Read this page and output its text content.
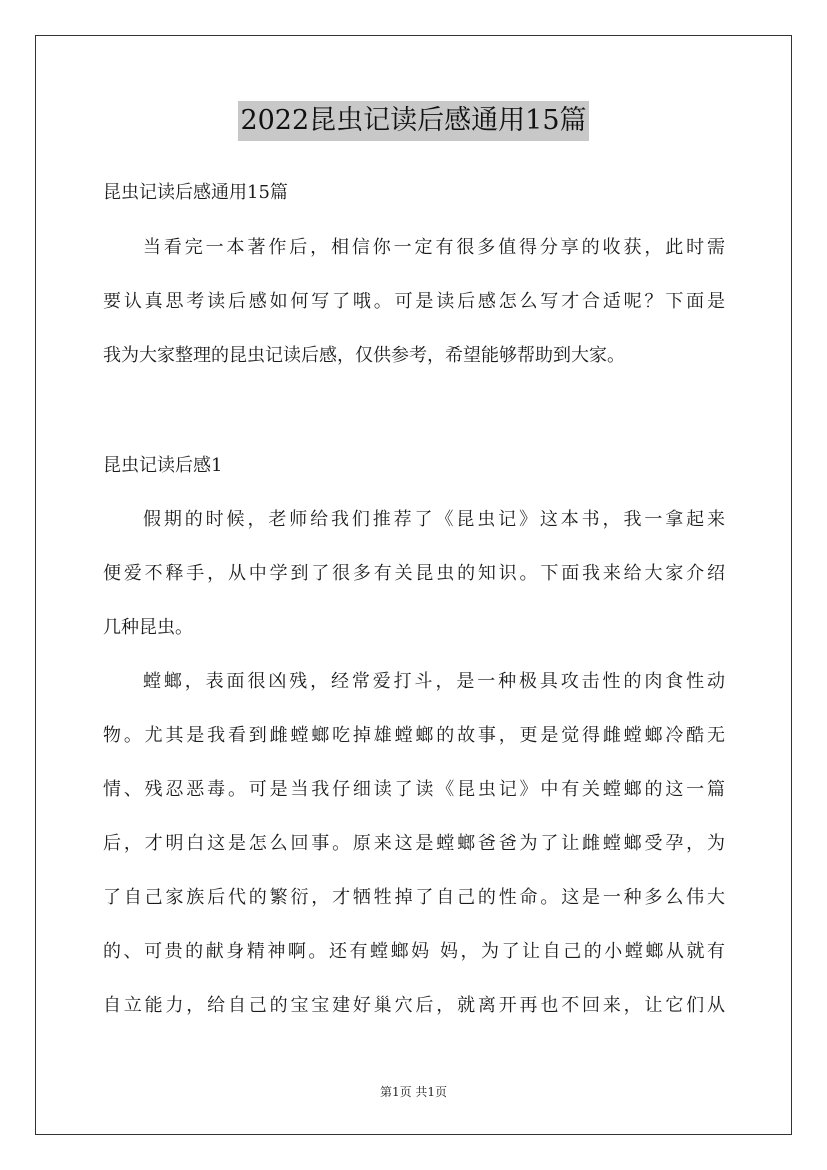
2022昆虫记读后感通用15篇
昆虫记读后感通用15篇
当看完一本著作后，相信你一定有很多值得分享的收获，此时需
要认真思考读后感如何写了哦。可是读后感怎么写才合适呢？下面是
我为大家整理的昆虫记读后感，仅供参考，希望能够帮助到大家。
昆虫记读后感1
假期的时候，老师给我们推荐了《昆虫记》这本书，我一拿起来
便爱不释手，从中学到了很多有关昆虫的知识。下面我来给大家介绍
几种昆虫。
螳螂，表面很凶残，经常爱打斗，是一种极具攻击性的肉食性动
物。尤其是我看到雌螳螂吃掉雄螳螂的故事，更是觉得雌螳螂冷酷无
情、残忍恶毒。可是当我仔细读了读《昆虫记》中有关螳螂的这一篇
后，才明白这是怎么回事。原来这是螳螂爸爸为了让雌螳螂受孕，为
了自己家族后代的繁衍，才牺牲掉了自己的性命。这是一种多么伟大
的、可贵的献身精神啊。还有螳螂妈 妈，为了让自己的小螳螂从就有
自立能力，给自己的宝宝建好巢穴后，就离开再也不回来，让它们从
第1页 共1页
